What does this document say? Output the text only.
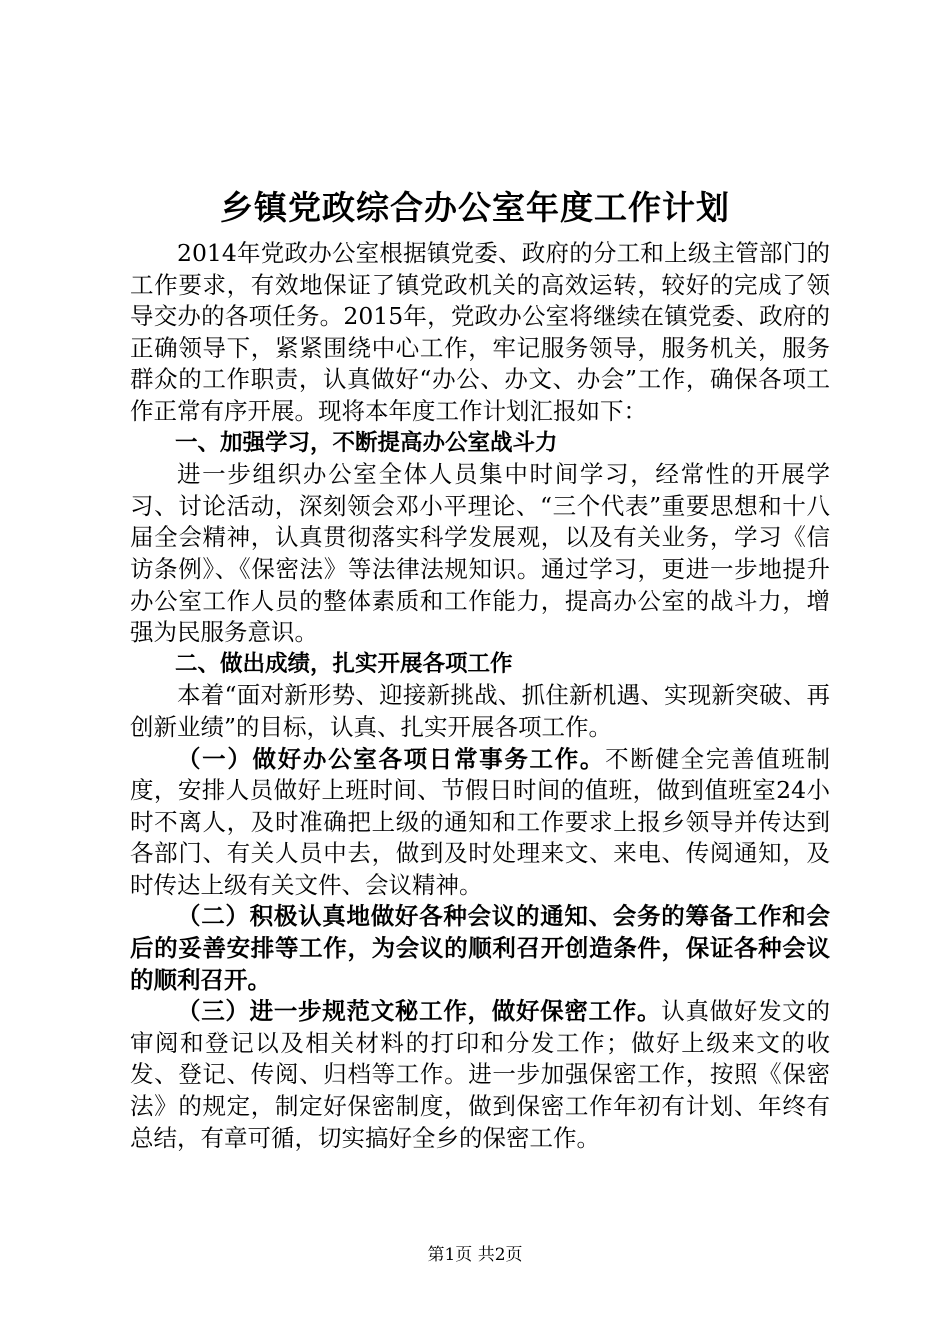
乡镇党政综合办公室年度工作计划

2014年党政办公室根据镇党委、政府的分工和上级主管部门的工作要求，有效地保证了镇党政机关的高效运转，较好的完成了领导交办的各项任务。2015年，党政办公室将继续在镇党委、政府的正确领导下，紧紧围绕中心工作，牢记服务领导，服务机关，服务群众的工作职责，认真做好“办公、办文、办会”工作，确保各项工作正常有序开展。现将本年度工作计划汇报如下：

一、加强学习，不断提高办公室战斗力

进一步组织办公室全体人员集中时间学习，经常性的开展学习、讨论活动，深刻领会邓小平理论、“三个代表”重要思想和十八届全会精神，认真贯彻落实科学发展观，以及有关业务，学习《信访条例》、《保密法》等法律法规知识。通过学习，更进一步地提升办公室工作人员的整体素质和工作能力，提高办公室的战斗力，增强为民服务意识。

二、做出成绩，扎实开展各项工作

本着“面对新形势、迎接新挑战、抓住新机遇、实现新突破、再创新业绩”的目标，认真、扎实开展各项工作。

（一）做好办公室各项日常事务工作。不断健全完善值班制度，安排人员做好上班时间、节假日时间的值班，做到值班室24小时不离人，及时准确把上级的通知和工作要求上报乡领导并传达到各部门、有关人员中去，做到及时处理来文、来电、传阅通知，及时传达上级有关文件、会议精神。

（二）积极认真地做好各种会议的通知、会务的筹备工作和会后的妥善安排等工作，为会议的顺利召开创造条件，保证各种会议的顺利召开。

（三）进一步规范文秘工作，做好保密工作。认真做好发文的审阅和登记以及相关材料的打印和分发工作；做好上级来文的收发、登记、传阅、归档等工作。进一步加强保密工作，按照《保密法》的规定，制定好保密制度，做到保密工作年初有计划、年终有总结，有章可循，切实搞好全乡的保密工作。

第1页 共2页
